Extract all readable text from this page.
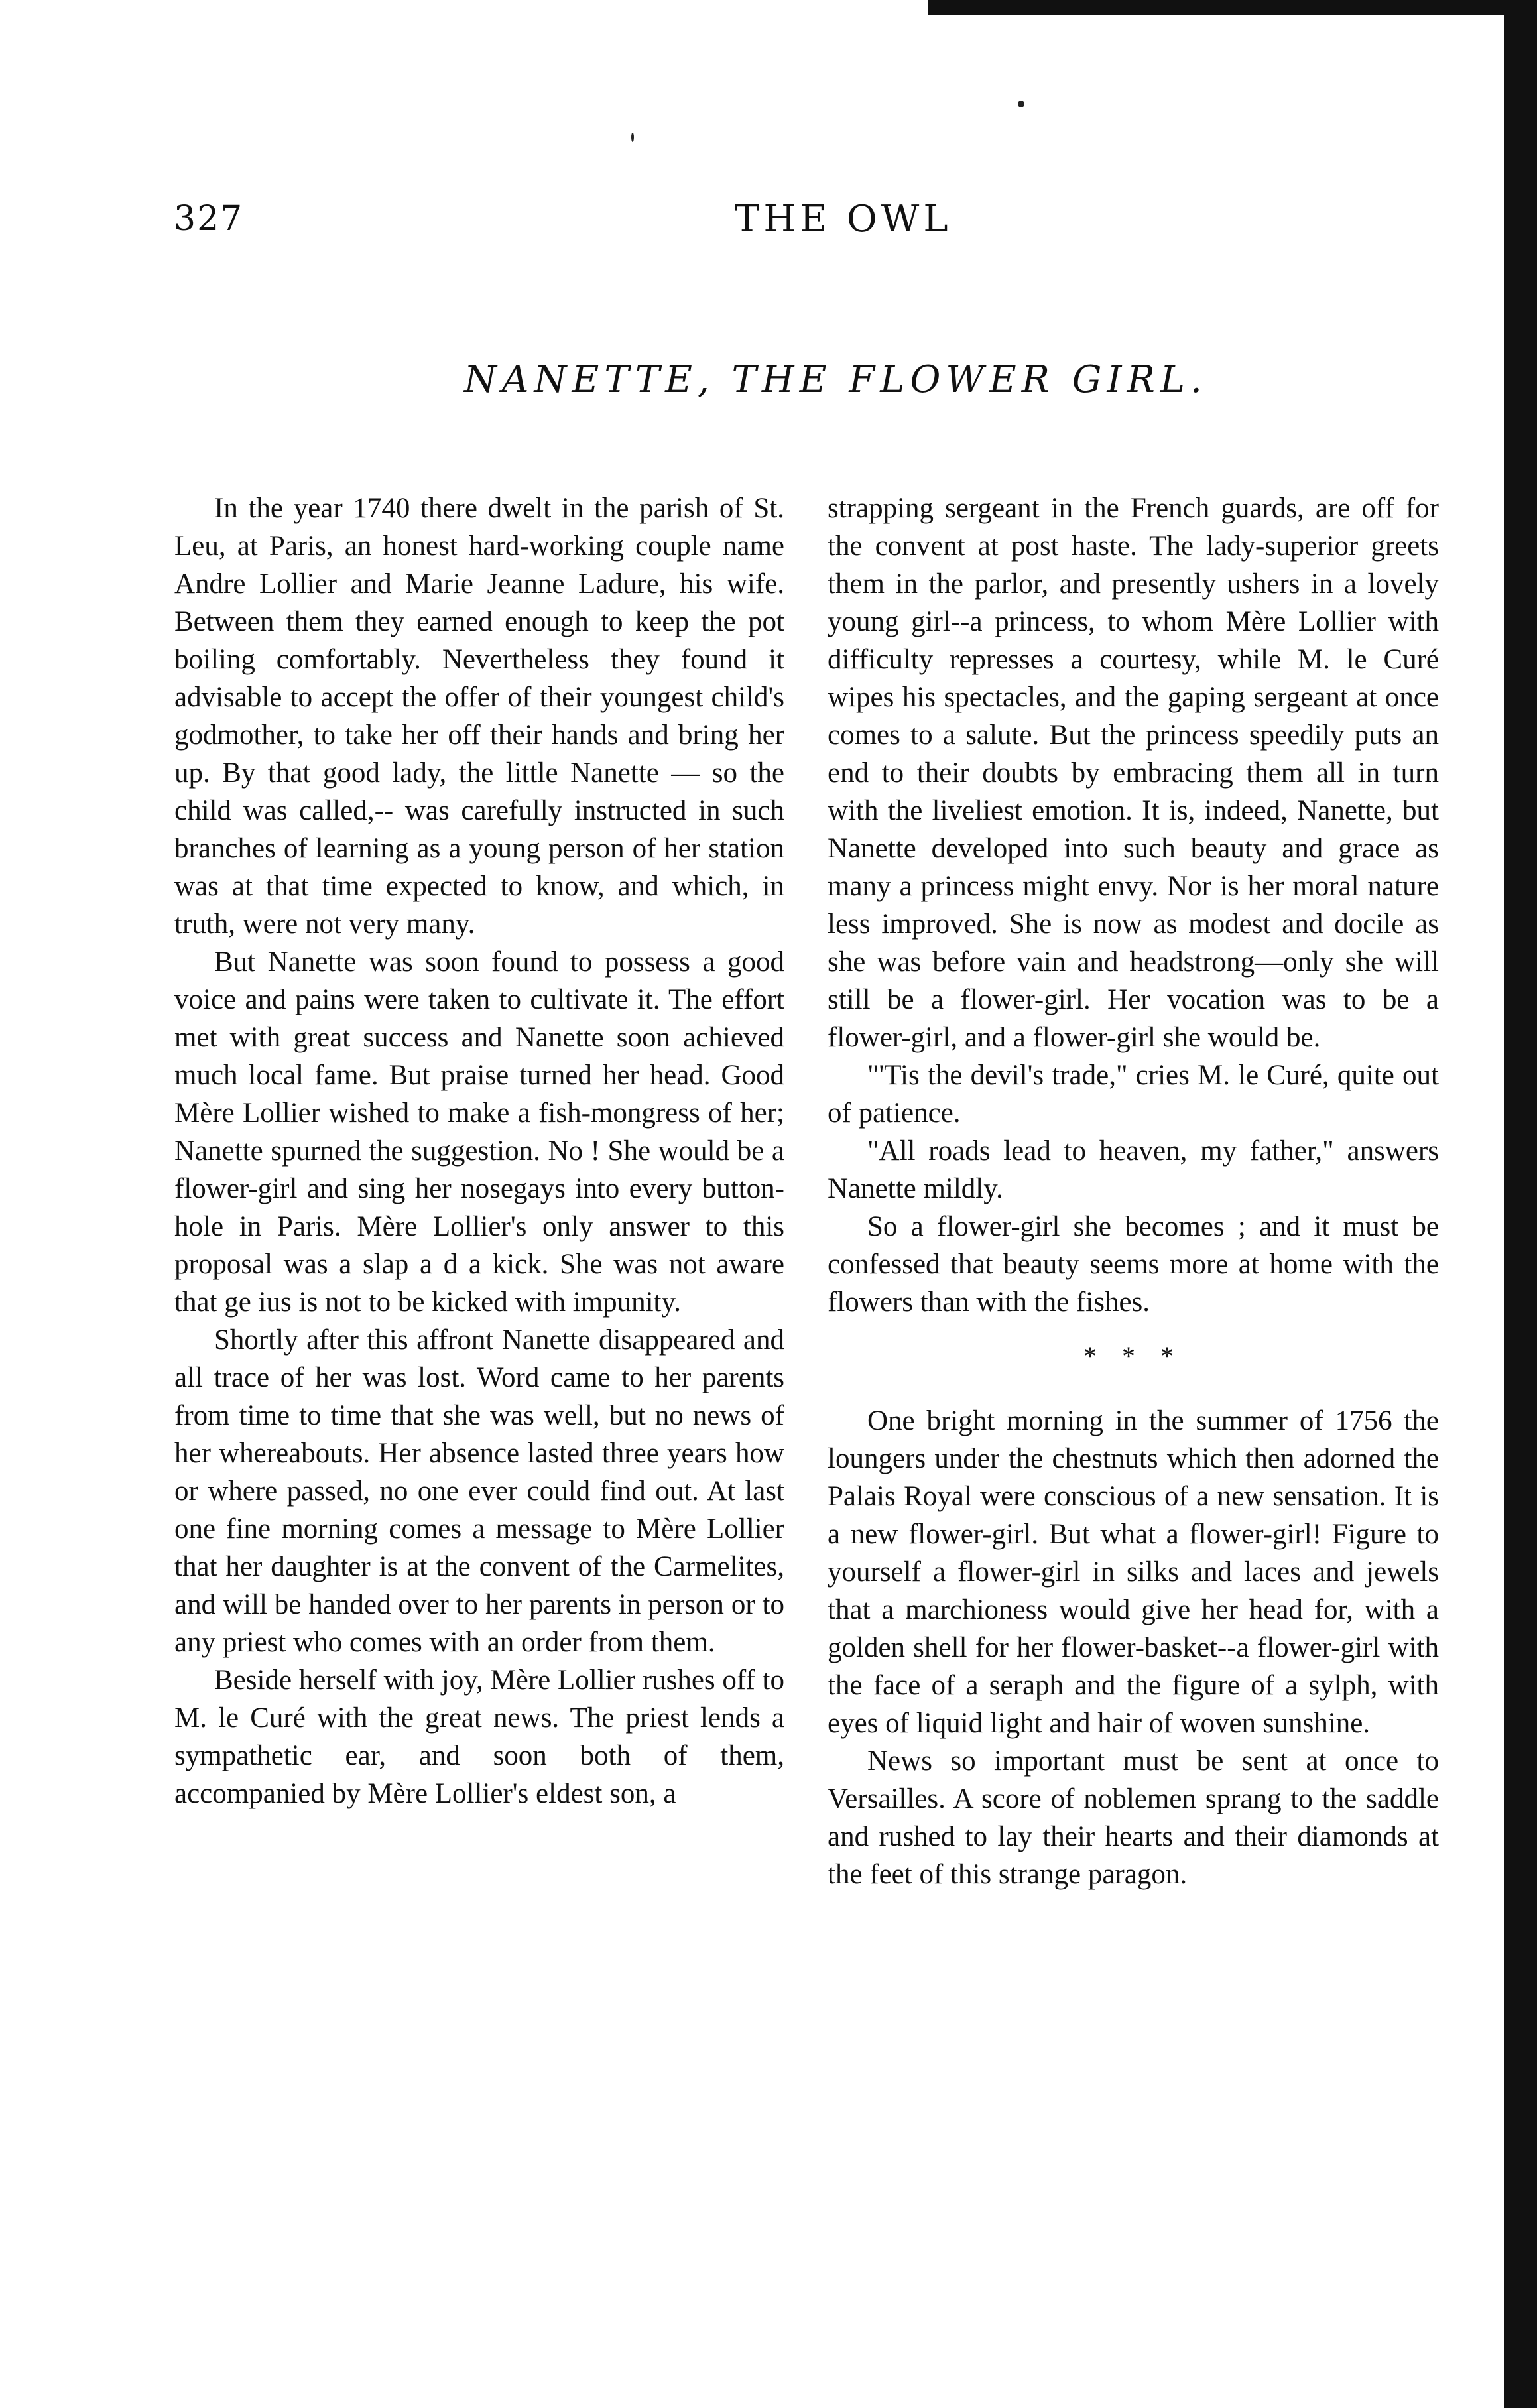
327	THE OWL
NANETTE, THE FLOWER GIRL.

In the year 1740 there dwelt in the parish of St. Leu, at Paris, an honest hard-working couple name Andre Lollier and Marie Jeanne Ladure, his wife. Between them they earned enough to keep the pot boiling comfortably. Nevertheless they found it advisable to accept the offer of their youngest child's godmother, to take her off their hands and bring her up. By that good lady, the little Nanette — so the child was called,-- was carefully instructed in such branches of learning as a young person of her station was at that time expected to know, and which, in truth, were not very many.

But Nanette was soon found to possess a good voice and pains were taken to cultivate it. The effort met with great success and Nanette soon achieved much local fame. But praise turned her head. Good Mère Lollier wished to make a fish-mongress of her; Nanette spurned the suggestion. No ! She would be a flower-girl and sing her nosegays into every button-hole in Paris. Mère Lollier's only answer to this proposal was a slap a d a kick. She was not aware that ge ius is not to be kicked with impunity.

Shortly after this affront Nanette disappeared and all trace of her was lost. Word came to her parents from time to time that she was well, but no news of her whereabouts. Her absence lasted three years how or where passed, no one ever could find out. At last one fine morning comes a message to Mère Lollier that her daughter is at the convent of the Carmelites, and will be handed over to her parents in person or to any priest who comes with an order from them.

Beside herself with joy, Mère Lollier rushes off to M. le Curé with the great news. The priest lends a sympathetic ear, and soon both of them, accompanied by Mère Lollier's eldest son, a

strapping sergeant in the French guards, are off for the convent at post haste. The lady-superior greets them in the parlor, and presently ushers in a lovely young girl--a princess, to whom Mère Lollier with difficulty represses a courtesy, while M. le Curé wipes his spectacles, and the gaping sergeant at once comes to a salute. But the princess speedily puts an end to their doubts by embracing them all in turn with the liveliest emotion. It is, indeed, Nanette, but Nanette developed into such beauty and grace as many a princess might envy. Nor is her moral nature less improved. She is now as modest and docile as she was before vain and headstrong—only she will still be a flower-girl. Her vocation was to be a flower-girl, and a flower-girl she would be.

"'Tis the devil's trade," cries M. le Curé, quite out of patience.

"All roads lead to heaven, my father," answers Nanette mildly.

So a flower-girl she becomes ; and it must be confessed that beauty seems more at home with the flowers than with the fishes.

* * *

One bright morning in the summer of 1756 the loungers under the chestnuts which then adorned the Palais Royal were conscious of a new sensation. It is a new flower-girl. But what a flower-girl! Figure to yourself a flower-girl in silks and laces and jewels that a marchioness would give her head for, with a golden shell for her flower-basket--a flower-girl with the face of a seraph and the figure of a sylph, with eyes of liquid light and hair of woven sunshine.

News so important must be sent at once to Versailles. A score of noblemen sprang to the saddle and rushed to lay their hearts and their diamonds at the feet of this strange paragon.
